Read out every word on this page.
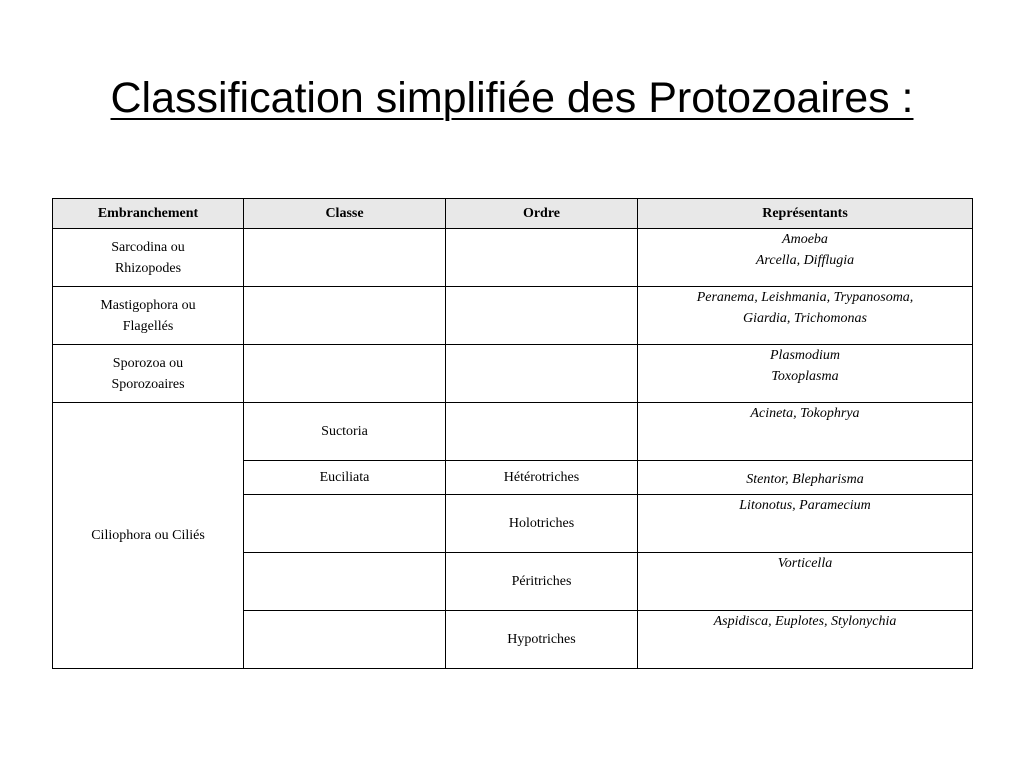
Classification simplifiée des Protozoaires :
Embranchement	Classe	Ordre	Représentants

Sarcodina ou
Rhizopodes			Amoeba
Arcella, Difflugia

Mastigophora ou
Flagellés			Peranema, Leishmania, Trypanosoma,
Giardia, Trichomonas

Sporozoa ou
Sporozoaires			Plasmodium
Toxoplasma

Ciliophora ou Ciliés	Suctoria		Acineta, Tokophrya
	Euciliata	Hétérotriches	Stentor, Blepharisma
		Holotriches	Litonotus, Paramecium
		Péritriches	Vorticella
		Hypotriches	Aspidisca, Euplotes, Stylonychia
